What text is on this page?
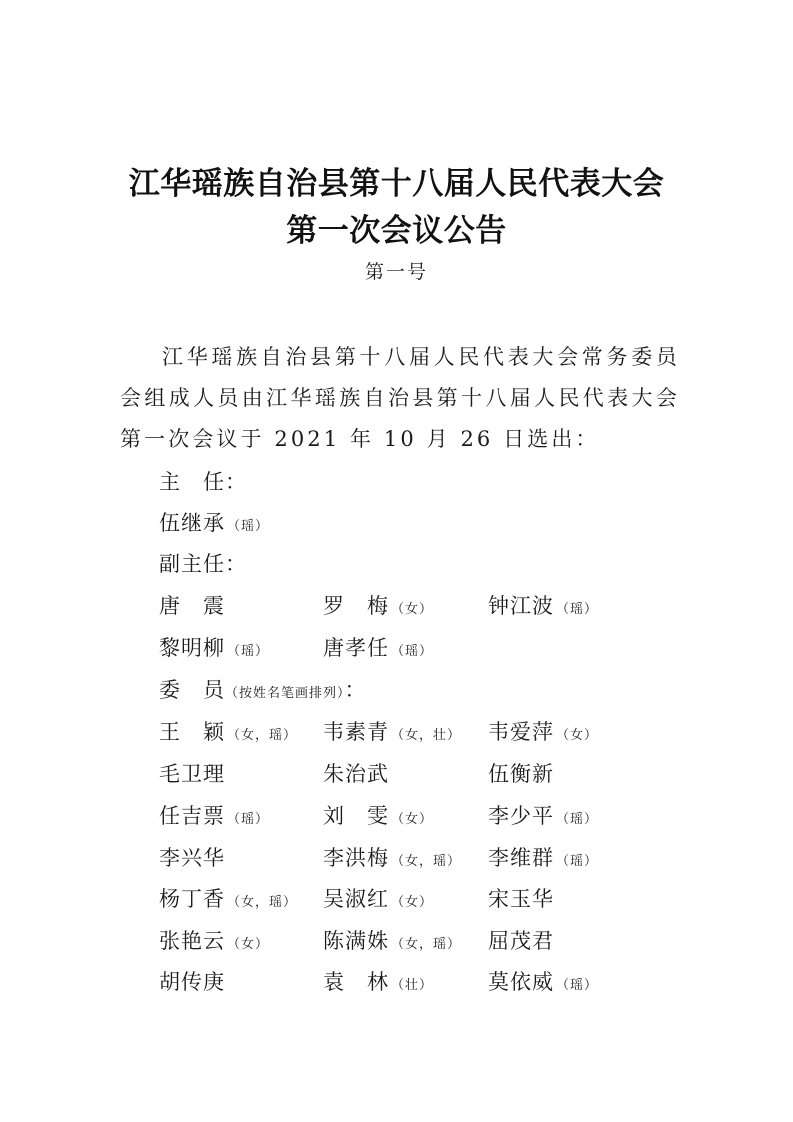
江华瑶族自治县第十八届人民代表大会
第一次会议公告
第一号

江华瑶族自治县第十八届人民代表大会常务委员会组成人员由江华瑶族自治县第十八届人民代表大会第一次会议于 2021 年 10 月 26 日选出：

主 任：
伍继承 （瑶）
副主任：
唐　震	罗　梅 （女）	钟江波 （瑶）
黎明柳 （瑶）	唐孝任 （瑶）
委 员（按姓名笔画排列）：
王　颖 （女，瑶） 韦素青 （女，壮） 韦爱萍 （女）
毛卫理	朱治武	伍衡新
任吉票 （瑶）	刘　雯 （女）	李少平 （瑶）
李兴华	李洪梅 （女，瑶） 李维群 （瑶）
杨丁香 （女，瑶） 吴淑红 （女）	宋玉华
张艳云 （女）	陈满姝 （女，瑶） 屈茂君
胡传庚	袁　林 （壮）	莫依威 （瑶）
